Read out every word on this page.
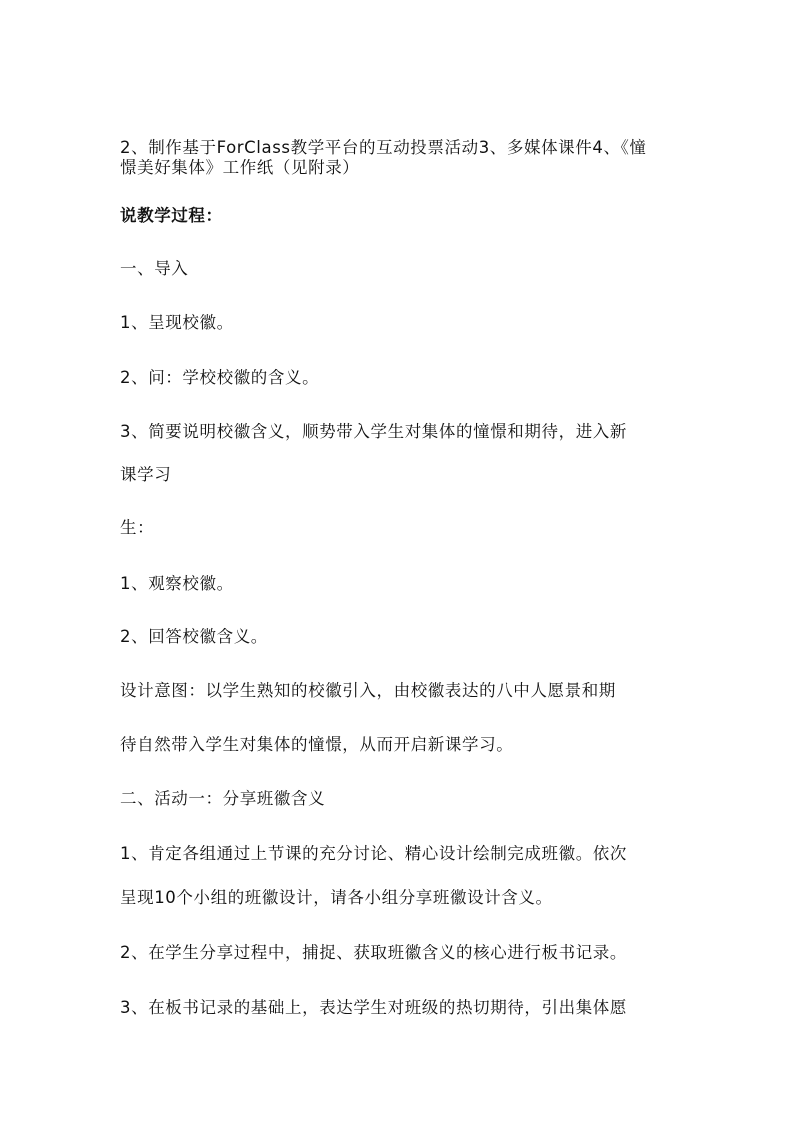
2、制作基于ForClass教学平台的互动投票活动3、多媒体课件4、《憧
憬美好集体》工作纸（见附录）
说教学过程：
一、导入
1、呈现校徽。
2、问：学校校徽的含义。
3、简要说明校徽含义，顺势带入学生对集体的憧憬和期待，进入新
课学习
生：
1、观察校徽。
2、回答校徽含义。
设计意图：以学生熟知的校徽引入，由校徽表达的八中人愿景和期
待自然带入学生对集体的憧憬，从而开启新课学习。
二、活动一：分享班徽含义
1、肯定各组通过上节课的充分讨论、精心设计绘制完成班徽。依次
呈现10个小组的班徽设计，请各小组分享班徽设计含义。
2、在学生分享过程中，捕捉、获取班徽含义的核心进行板书记录。
3、在板书记录的基础上，表达学生对班级的热切期待，引出集体愿
